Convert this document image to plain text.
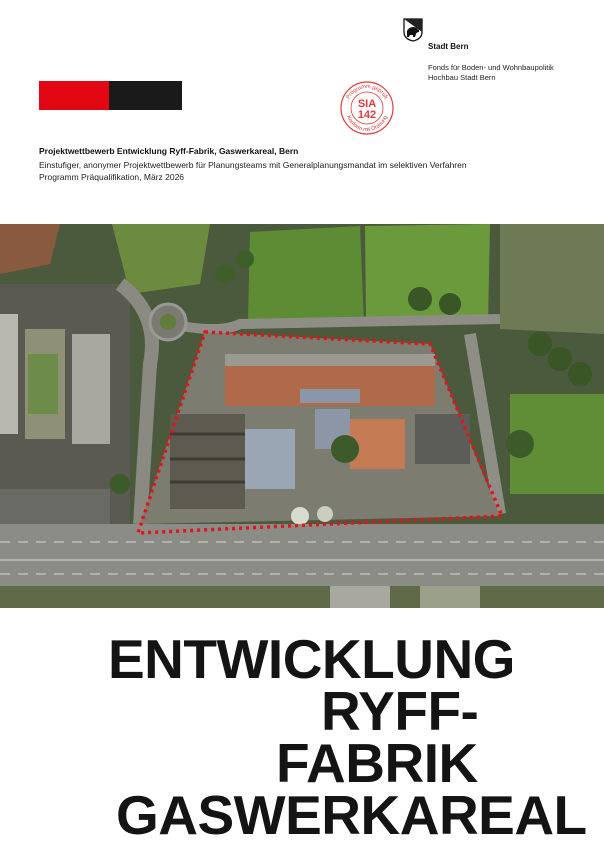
Stadt Bern
Fonds für Boden- und Wohnbaupolitik
Hochbau Stadt Bern
Programm geprüft
Konform mit Ordnung
SIA
142
Projektwettbewerb Entwicklung Ryff-Fabrik, Gaswerkareal, Bern
Einstufiger, anonymer Projektwettbewerb für Planungsteams mit Generalplanungsmandat im selektiven Verfahren
Programm Präqualifikation, März 2026
ENTWICKLUNG
RYFF-
FABRIK
GASWERKAREAL
